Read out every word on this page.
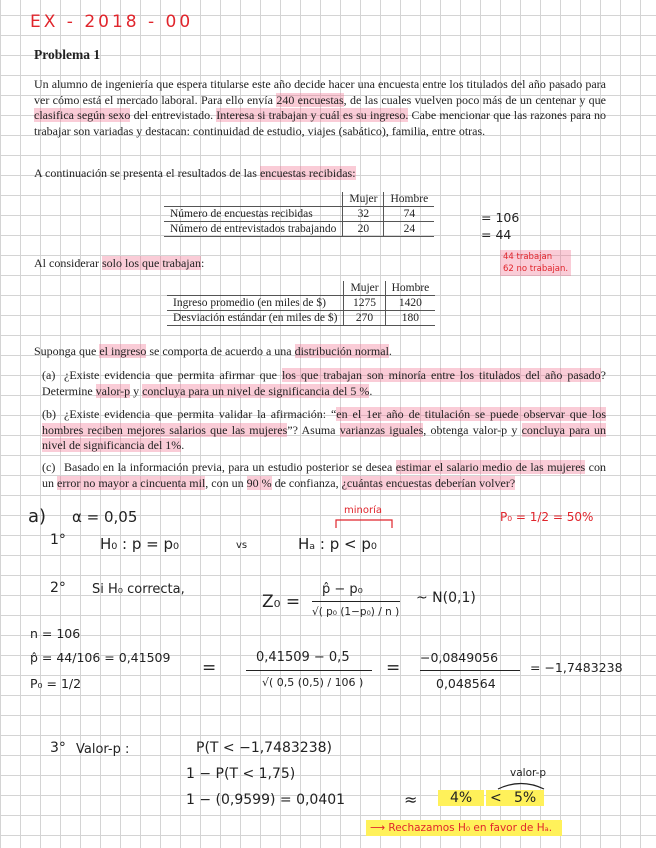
EX - 2018 - 00
Problema 1
Un alumno de ingeniería que espera titularse este año decide hacer una encuesta entre los titulados del año pasado para ver cómo está el mercado laboral. Para ello envía 240 encuestas, de las cuales vuelven poco más de un centenar y que clasifica según sexo del entrevistado. Interesa si trabajan y cuál es su ingreso. Cabe mencionar que las razones para no trabajar son variadas y destacan: continuidad de estudio, viajes (sabático), familia, entre otras.
A continuación se presenta el resultados de las encuestas recibidas:
	Mujer	Hombre
Número de encuestas recibidas	32	74
Número de entrevistados trabajando	20	24
= 106
= 44
44 trabajan
62 no trabajan.
Al considerar solo los que trabajan:
	Mujer	Hombre
Ingreso promedio (en miles de $)	1275	1420
Desviación estándar (en miles de $)	270	180
Suponga que el ingreso se comporta de acuerdo a una distribución normal.
(a) ¿Existe evidencia que permita afirmar que los que trabajan son minoría entre los titulados del año pasado? Determine valor-p y concluya para un nivel de significancia del 5 %.
(b) ¿Existe evidencia que permita validar la afirmación: “en el 1er año de titulación se puede observar que los hombres reciben mejores salarios que las mujeres”? Asuma varianzas iguales, obtenga valor-p y concluya para un nivel de significancia del 1%.
(c) Basado en la información previa, para un estudio posterior se desea estimar el salario medio de las mujeres con un error no mayor a cincuenta mil, con un 90 % de confianza, ¿cuántas encuestas deberían volver?
a) α = 0,05	P₀ = 1/2 = 50%
minoría
1° H₀ : p = p₀	vs	Hₐ : p < p₀
2° Si H₀ correcta,
Z₀ =
p̂ − p₀
√( p₀ (1−p₀) / n )
~ N(0,1)
n = 106
p̂ = 44/106 = 0,41509
P₀ = 1/2
=
0,41509 − 0,5
√( 0,5 (0,5) / 106 )
=
−0,0849056
0,048564
= −1,7483238
3° Valor-p :	P(T < −1,7483238)
1 − P(T < 1,75)
1 − (0,9599) = 0,0401	≈	4%	< 5%
valor-p
⟶ Rechazamos H₀ en favor de Hₐ.
